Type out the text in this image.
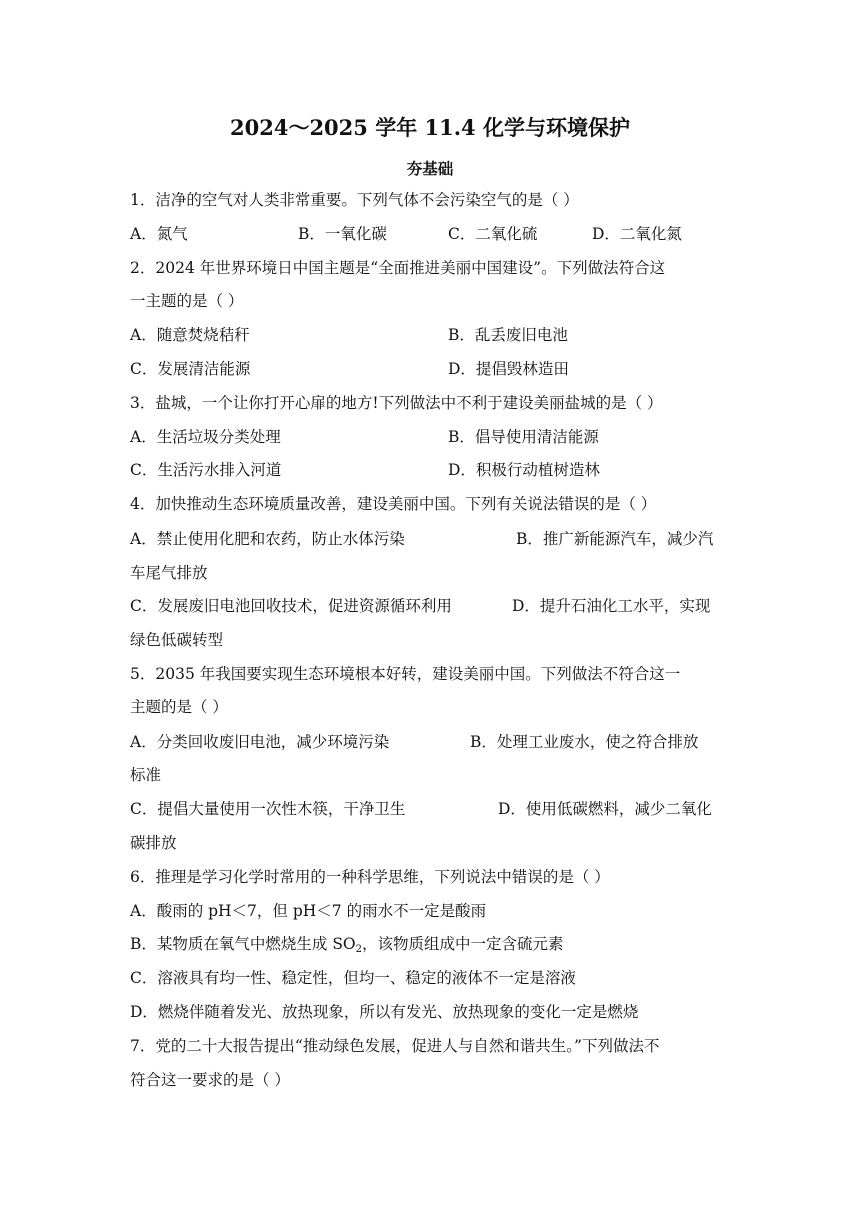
2024～2025 学年 11.4 化学与环境保护
夯基础
1．洁净的空气对人类非常重要。下列气体不会污染空气的是（ ）
A．氮气	B．一氧化碳	C．二氧化硫	D．二氧化氮
2．2024 年世界环境日中国主题是“全面推进美丽中国建设”。下列做法符合这
一主题的是（ ）
A．随意焚烧秸秆	B．乱丢废旧电池
C．发展清洁能源	D．提倡毁林造田
3．盐城，一个让你打开心扉的地方!下列做法中不利于建设美丽盐城的是（ ）
A．生活垃圾分类处理	B．倡导使用清洁能源
C．生活污水排入河道	D．积极行动植树造林
4．加快推动生态环境质量改善，建设美丽中国。下列有关说法错误的是（ ）
A．禁止使用化肥和农药，防止水体污染	B．推广新能源汽车，减少汽
车尾气排放
C．发展废旧电池回收技术，促进资源循环利用	D．提升石油化工水平，实现
绿色低碳转型
5．2035 年我国要实现生态环境根本好转，建设美丽中国。下列做法不符合这一
主题的是（ ）
A．分类回收废旧电池，减少环境污染	B．处理工业废水，使之符合排放
标准
C．提倡大量使用一次性木筷，干净卫生	D．使用低碳燃料，减少二氧化
碳排放
6．推理是学习化学时常用的一种科学思维，下列说法中错误的是（ ）
A．酸雨的 pH＜7，但 pH＜7 的雨水不一定是酸雨
B．某物质在氧气中燃烧生成 $SO_2$，该物质组成中一定含硫元素
C．溶液具有均一性、稳定性，但均一、稳定的液体不一定是溶液
D．燃烧伴随着发光、放热现象，所以有发光、放热现象的变化一定是燃烧
7．党的二十大报告提出“推动绿色发展，促进人与自然和谐共生。”下列做法不
符合这一要求的是（ ）
